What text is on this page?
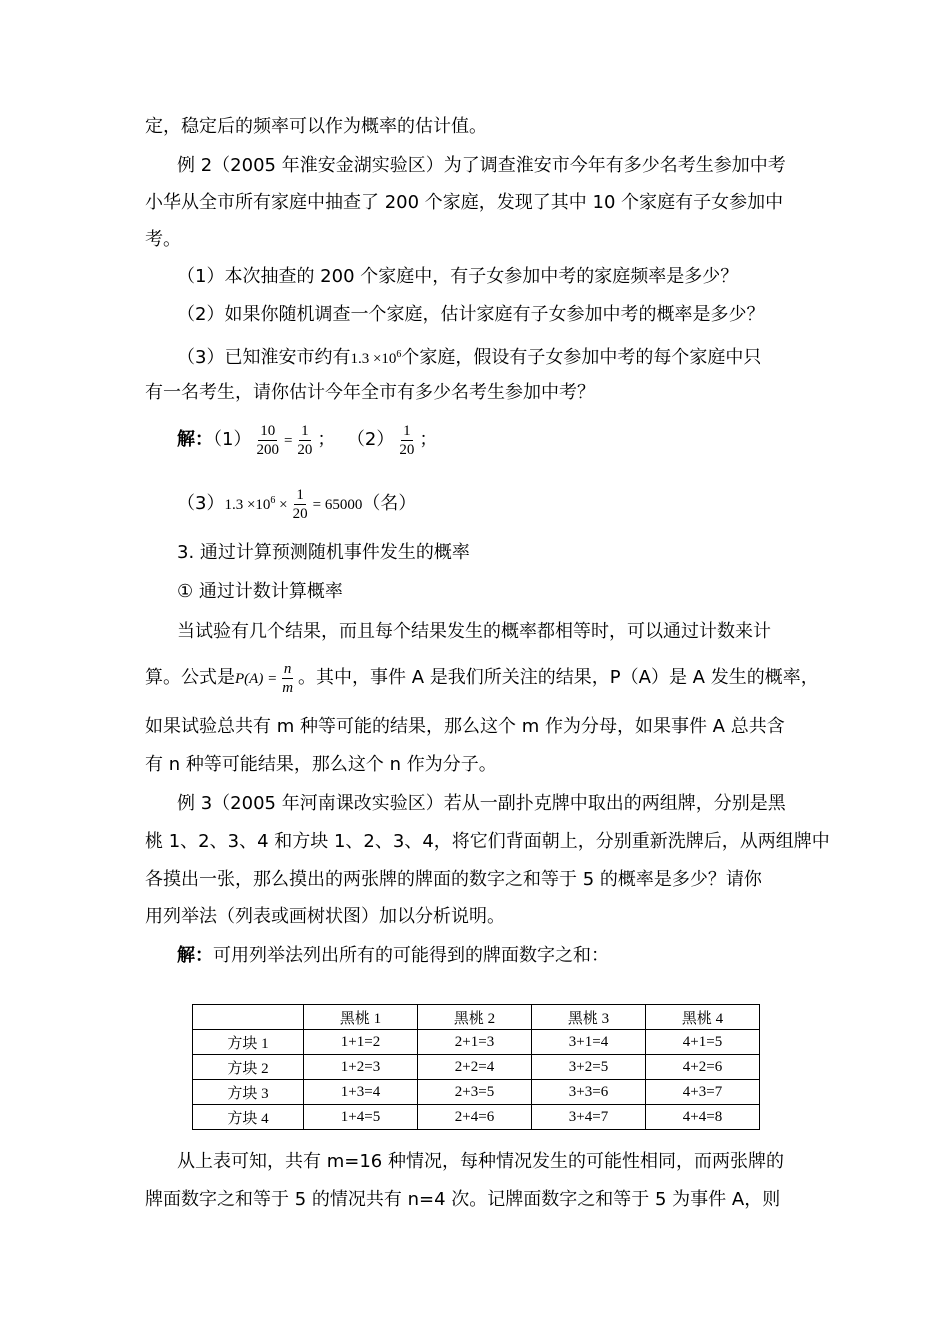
定，稳定后的频率可以作为概率的估计值。
例 2（2005 年淮安金湖实验区）为了调查淮安市今年有多少名考生参加中考
小华从全市所有家庭中抽查了 200 个家庭，发现了其中 10 个家庭有子女参加中
考。
（1）本次抽查的 200 个家庭中，有子女参加中考的家庭频率是多少？
（2）如果你随机调查一个家庭，估计家庭有子女参加中考的概率是多少？
（3）已知淮安市约有$1.3 \times 10^6$个家庭，假设有子女参加中考的每个家庭中只
有一名考生，请你估计今年全市有多少名考生参加中考？
解：$(1) \frac{10}{200} = \frac{1}{20}$ ； $(2) \frac{1}{20}$ ；
$(3)1.3 \times 10^6 \times \frac{1}{20} = 65000$（名）
3. 通过计算预测随机事件发生的概率
① 通过计数计算概率
当试验有几个结果，而且每个结果发生的概率都相等时，可以通过计数来计
算。公式是$P(A) = \frac{n}{m}$ 。其中，事件 A 是我们所关注的结果，P（A）是 A 发生的概率，
如果试验总共有 m 种等可能的结果，那么这个 m 作为分母，如果事件 A 总共含
有 n 种等可能结果，那么这个 n 作为分子。
例 3（2005 年河南课改实验区）若从一副扑克牌中取出的两组牌，分别是黑
桃 1、2、3、4 和方块 1、2、3、4，将它们背面朝上，分别重新洗牌后，从两组牌中
各摸出一张，那么摸出的两张牌的牌面的数字之和等于 5 的概率是多少？请你
用列举法（列表或画树状图）加以分析说明。
解：可用列举法列出所有的可能得到的牌面数字之和：
从上表可知，共有 m=16 种情况，每种情况发生的可能性相同，而两张牌的
牌面数字之和等于 5 的情况共有 n=4 次。记牌面数字之和等于 5 为事件 A，则
	黑桃 1	黑桃 2	黑桃 3	黑桃 4
方块 1	1+1=2	2+1=3	3+1=4	4+1=5
方块 2	1+2=3	2+2=4	3+2=5	4+2=6
方块 3	1+3=4	2+3=5	3+3=6	4+3=7
方块 4	1+4=5	2+4=6	3+4=7	4+4=8
